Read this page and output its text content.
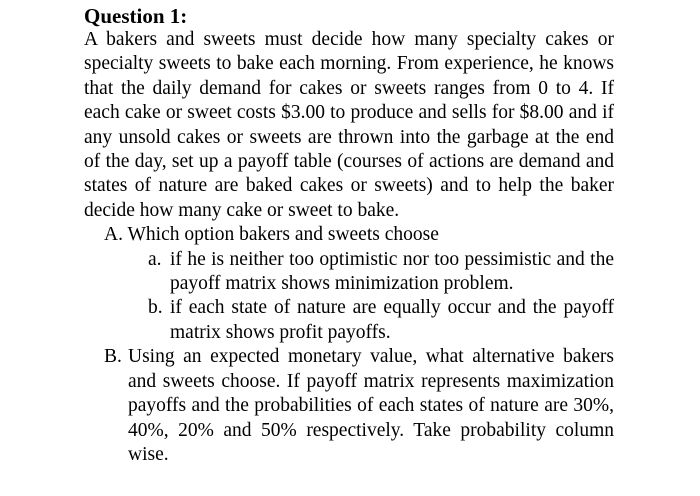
Question 1:

A bakers and sweets must decide how many specialty cakes or specialty sweets to bake each morning. From experience, he knows that the daily demand for cakes or sweets ranges from 0 to 4. If each cake or sweet costs $3.00 to produce and sells for $8.00 and if any unsold cakes or sweets are thrown into the garbage at the end of the day, set up a payoff table (courses of actions are demand and states of nature are baked cakes or sweets) and to help the baker decide how many cake or sweet to bake.

A. Which option bakers and sweets choose
a. if he is neither too optimistic nor too pessimistic and the payoff matrix shows minimization problem.
b. if each state of nature are equally occur and the payoff matrix shows profit payoffs.
B. Using an expected monetary value, what alternative bakers and sweets choose. If payoff matrix represents maximization payoffs and the probabilities of each states of nature are 30%, 40%, 20% and 50% respectively. Take probability column wise.
